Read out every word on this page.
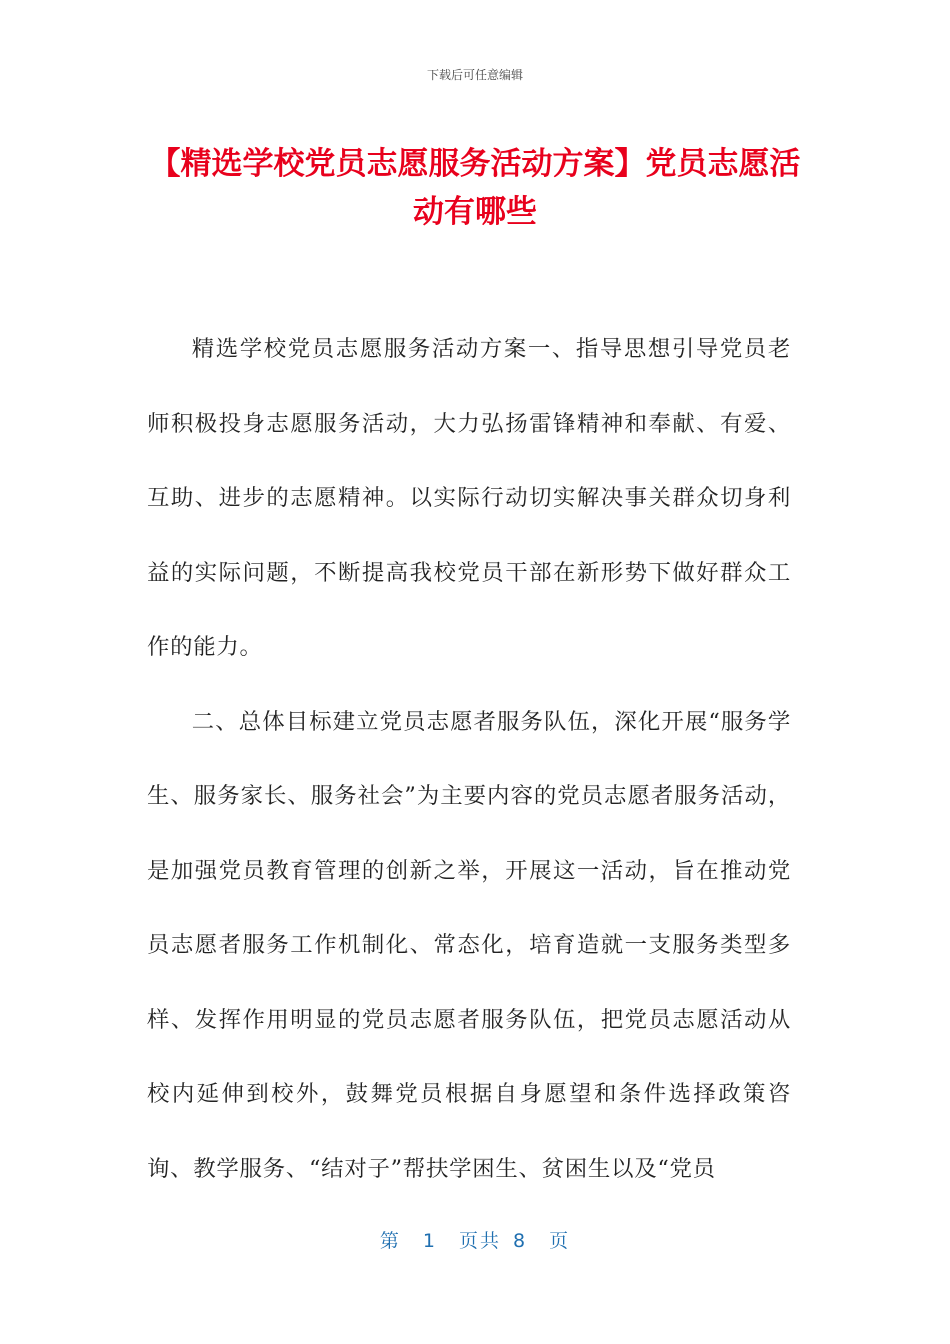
下载后可任意编辑
【精选学校党员志愿服务活动方案】党员志愿活动有哪些

精选学校党员志愿服务活动方案一、指导思想引导党员老师积极投身志愿服务活动，大力弘扬雷锋精神和奉献、有爱、互助、进步的志愿精神。以实际行动切实解决事关群众切身利益的实际问题，不断提高我校党员干部在新形势下做好群众工作的能力。

二、总体目标建立党员志愿者服务队伍，深化开展“服务学生、服务家长、服务社会”为主要内容的党员志愿者服务活动，是加强党员教育管理的创新之举，开展这一活动，旨在推动党员志愿者服务工作机制化、常态化，培育造就一支服务类型多样、发挥作用明显的党员志愿者服务队伍，把党员志愿活动从校内延伸到校外，鼓舞党员根据自身愿望和条件选择政策咨询、教学服务、“结对子”帮扶学困生、贫困生以及“党员

第 1 页共 8 页
